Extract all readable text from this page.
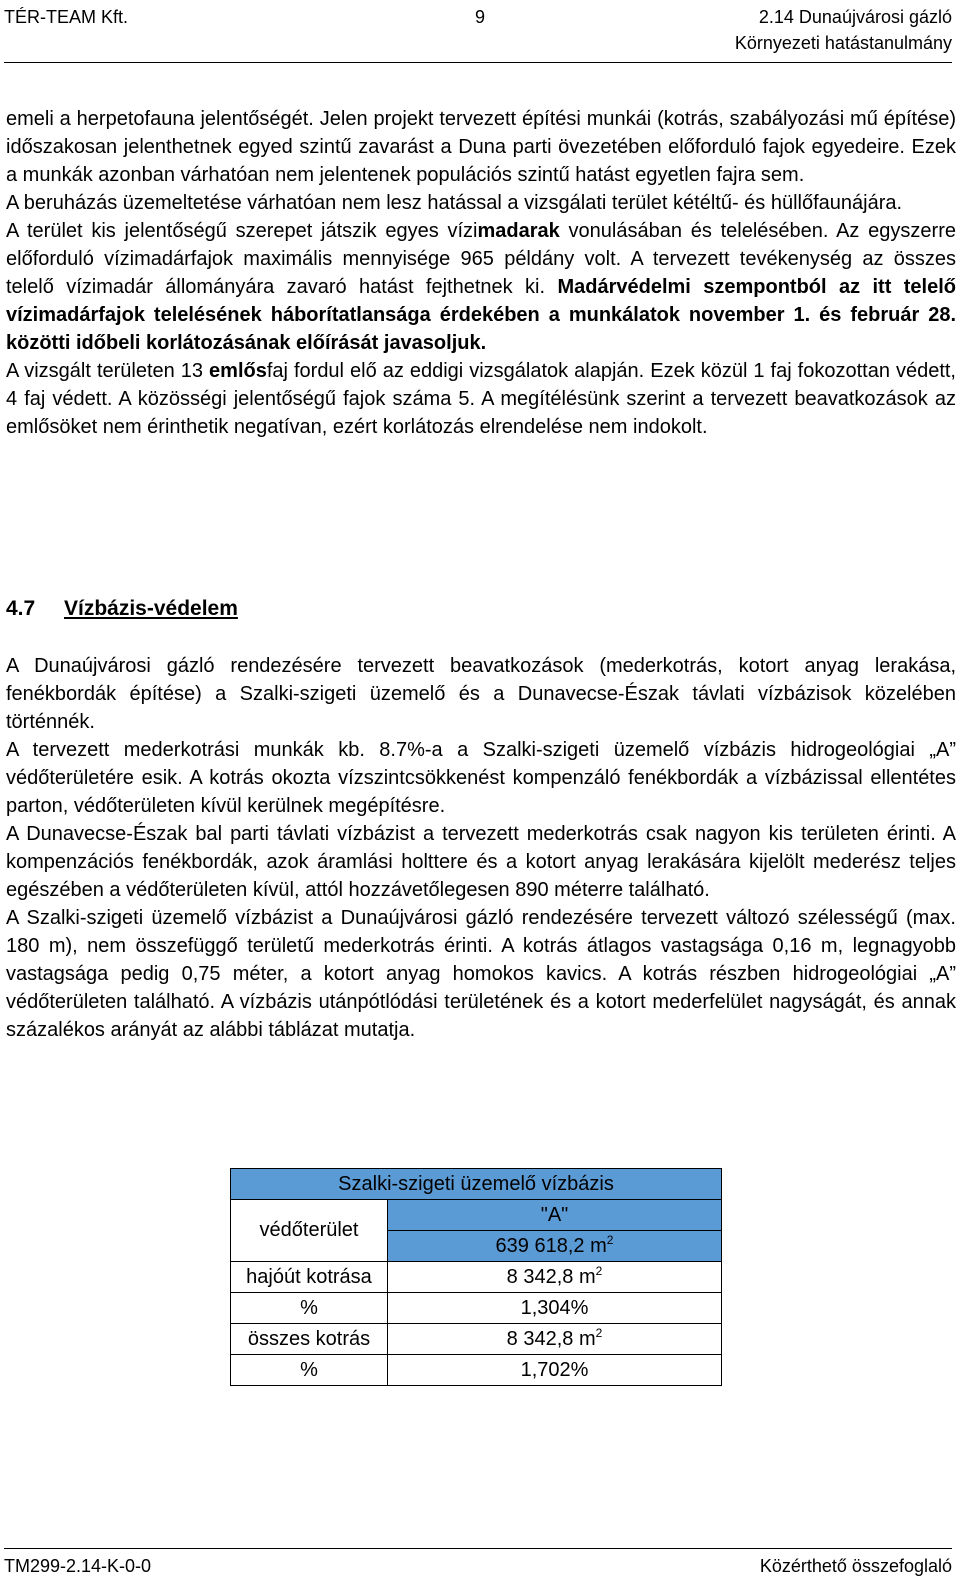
TÉR-TEAM Kft.	9	2.14 Dunaújvárosi gázló
Környezeti hatástanulmány

emeli a herpetofauna jelentőségét. Jelen projekt tervezett építési munkái (kotrás, szabályozási mű építése) időszakosan jelenthetnek egyed szintű zavarást a Duna parti övezetében előforduló fajok egyedeire. Ezek a munkák azonban várhatóan nem jelentenek populációs szintű hatást egyetlen fajra sem.

A beruházás üzemeltetése várhatóan nem lesz hatással a vizsgálati terület kétéltű- és hüllőfaunájára.

A terület kis jelentőségű szerepet játszik egyes vízimadarak vonulásában és telelésében. Az egyszerre előforduló vízimadárfajok maximális mennyisége 965 példány volt. A tervezett tevékenység az összes telelő vízimadár állományára zavaró hatást fejthetnek ki. Madárvédelmi szempontból az itt telelő vízimadárfajok telelésének háborítatlansága érdekében a munkálatok november 1. és február 28. közötti időbeli korlátozásának előírását javasoljuk.

A vizsgált területen 13 emlősfaj fordul elő az eddigi vizsgálatok alapján. Ezek közül 1 faj fokozottan védett, 4 faj védett. A közösségi jelentőségű fajok száma 5. A megítélésünk szerint a tervezett beavatkozások az emlősöket nem érinthetik negatívan, ezért korlátozás elrendelése nem indokolt.

4.7 Vízbázis-védelem

A Dunaújvárosi gázló rendezésére tervezett beavatkozások (mederkotrás, kotort anyag lerakása, fenékbordák építése) a Szalki-szigeti üzemelő és a Dunavecse-Észak távlati vízbázisok közelében történnék.

A tervezett mederkotrási munkák kb. 8.7%-a a Szalki-szigeti üzemelő vízbázis hidrogeológiai „A” védőterületére esik. A kotrás okozta vízszintcsökkenést kompenzáló fenékbordák a vízbázissal ellentétes parton, védőterületen kívül kerülnek megépítésre.

A Dunavecse-Észak bal parti távlati vízbázist a tervezett mederkotrás csak nagyon kis területen érinti. A kompenzációs fenékbordák, azok áramlási holttere és a kotort anyag lerakására kijelölt mederész teljes egészében a védőterületen kívül, attól hozzávetőlegesen 890 méterre található.

A Szalki-szigeti üzemelő vízbázist a Dunaújvárosi gázló rendezésére tervezett változó szélességű (max. 180 m), nem összefüggő területű mederkotrás érinti. A kotrás átlagos vastagsága 0,16 m, legnagyobb vastagsága pedig 0,75 méter, a kotort anyag homokos kavics. A kotrás részben hidrogeológiai „A” védőterületen található. A vízbázis utánpótlódási területének és a kotort mederfelület nagyságát, és annak százalékos arányát az alábbi táblázat mutatja.

Szalki-szigeti üzemelő vízbázis	
védőterület	"A"
	639 618,2 $m^2$
hajóút kotrása	8 342,8 $m^2$
%	1,304%
összes kotrás	8 342,8 $m^2$
%	1,702%
TM299-2.14-K-0-0	Közérthető összefoglaló
